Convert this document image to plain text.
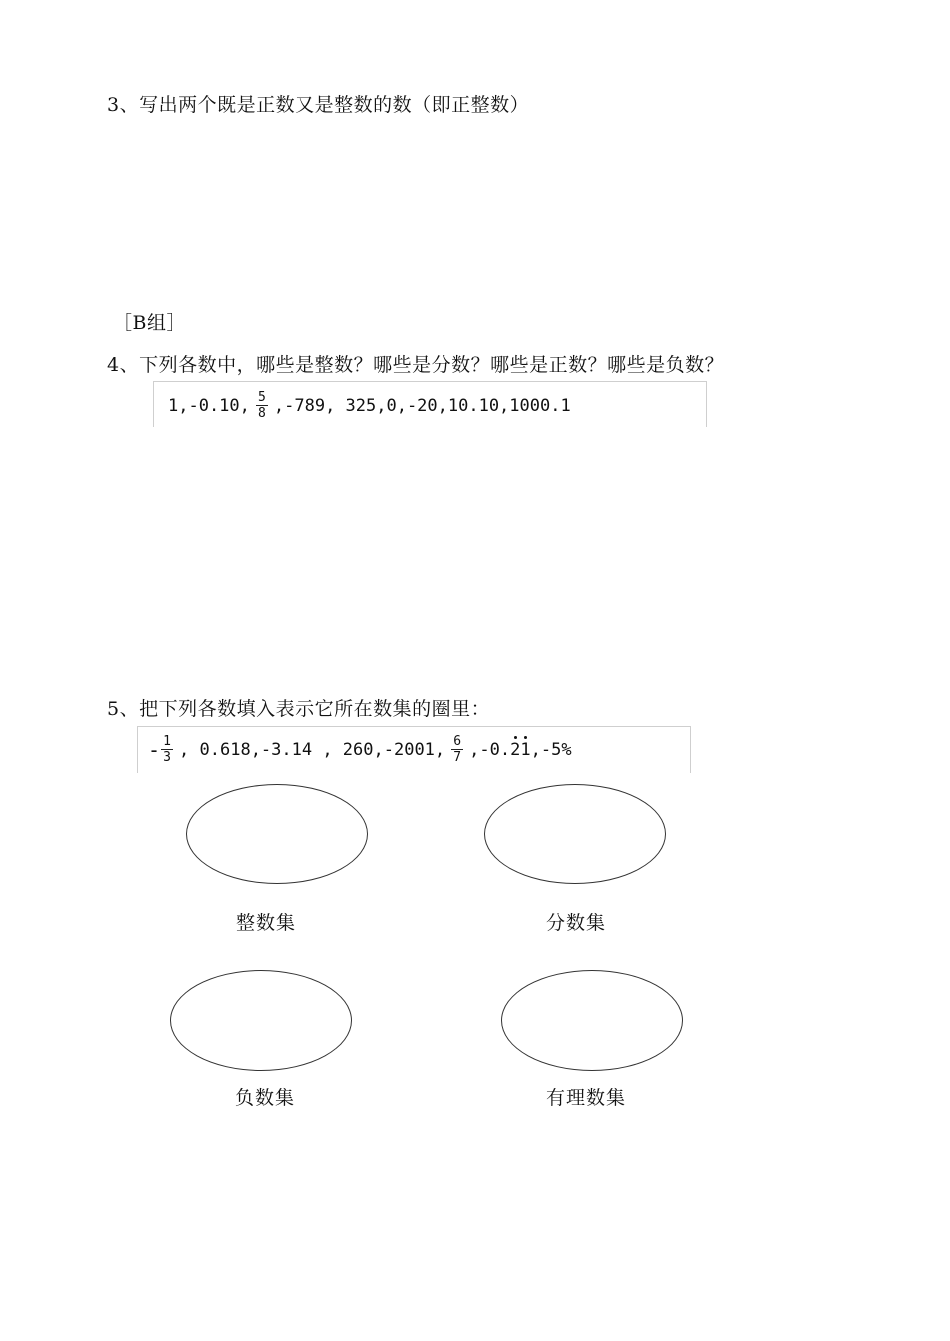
3、写出两个既是正数又是整数的数（即正整数）
［B组］
4、下列各数中，哪些是整数？哪些是分数？哪些是正数？哪些是负数？
1,-0.10, $\frac{5}{8} ,-789$, 325,0,-20,10.10,1000.1
5、把下列各数填入表示它所在数集的圈里：
- $\frac{1}{3}$ , 0.618,-3.14 , 260,-2001, $\frac{6}{7} ,-0$. 2 1 ,-5%
整数集	分数集
负数集	有理数集
